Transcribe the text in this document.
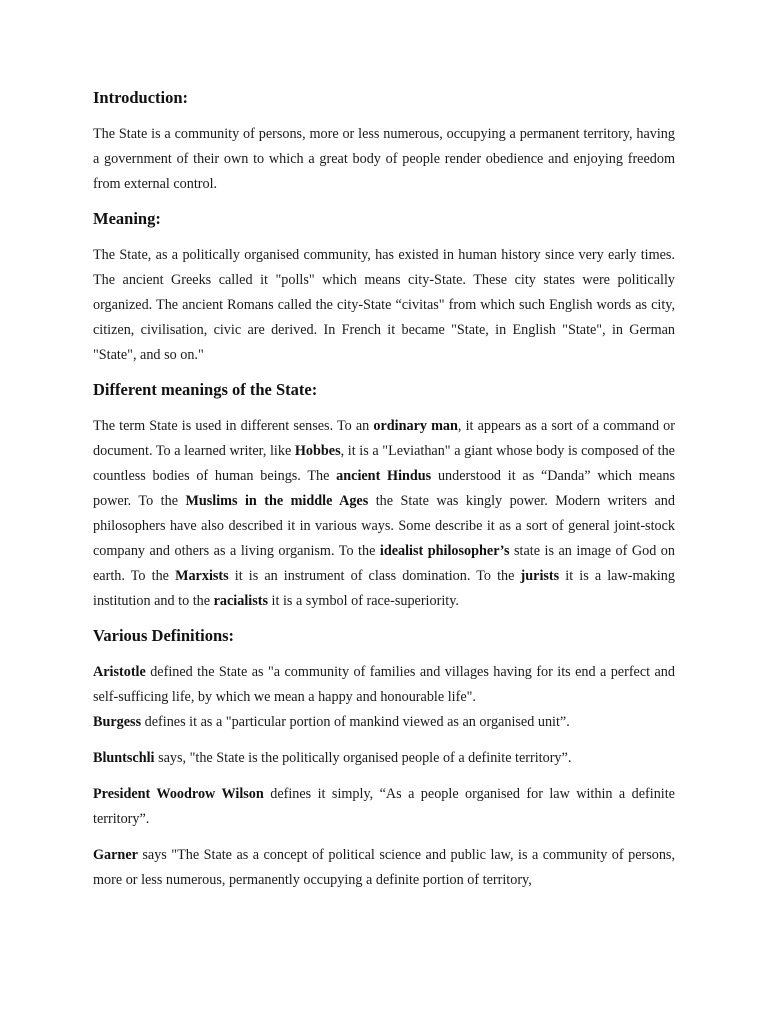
Introduction:

The State is a community of persons, more or less numerous, occupying a permanent territory, having a government of their own to which a great body of people render obedience and enjoying freedom from external control.

Meaning:

The State, as a politically organised community, has existed in human history since very early times. The ancient Greeks called it "polls" which means city-State. These city states were politically organized. The ancient Romans called the city-State “civitas" from which such English words as city, citizen, civilisation, civic are derived. In French it became "State, in English "State", in German "State", and so on."

Different meanings of the State:

The term State is used in different senses. To an ordinary man, it appears as a sort of a command or document. To a learned writer, like Hobbes, it is a "Leviathan" a giant whose body is composed of the countless bodies of human beings. The ancient Hindus understood it as “Danda” which means power. To the Muslims in the middle Ages the State was kingly power. Modern writers and philosophers have also described it in various ways. Some describe it as a sort of general joint-stock company and others as a living organism. To the idealist philosopher’s state is an image of God on earth. To the Marxists it is an instrument of class domination. To the jurists it is a law-making institution and to the racialists it is a symbol of race-superiority.

Various Definitions:

Aristotle defined the State as "a community of families and villages having for its end a perfect and self-sufficing life, by which we mean a happy and honourable life".

Burgess defines it as a "particular portion of mankind viewed as an organised unit”.

Bluntschli says, "the State is the politically organised people of a definite territory”.

President Woodrow Wilson defines it simply, “As a people organised for law within a definite territory”.

Garner says "The State as a concept of political science and public law, is a community of persons, more or less numerous, permanently occupying a definite portion of territory,
